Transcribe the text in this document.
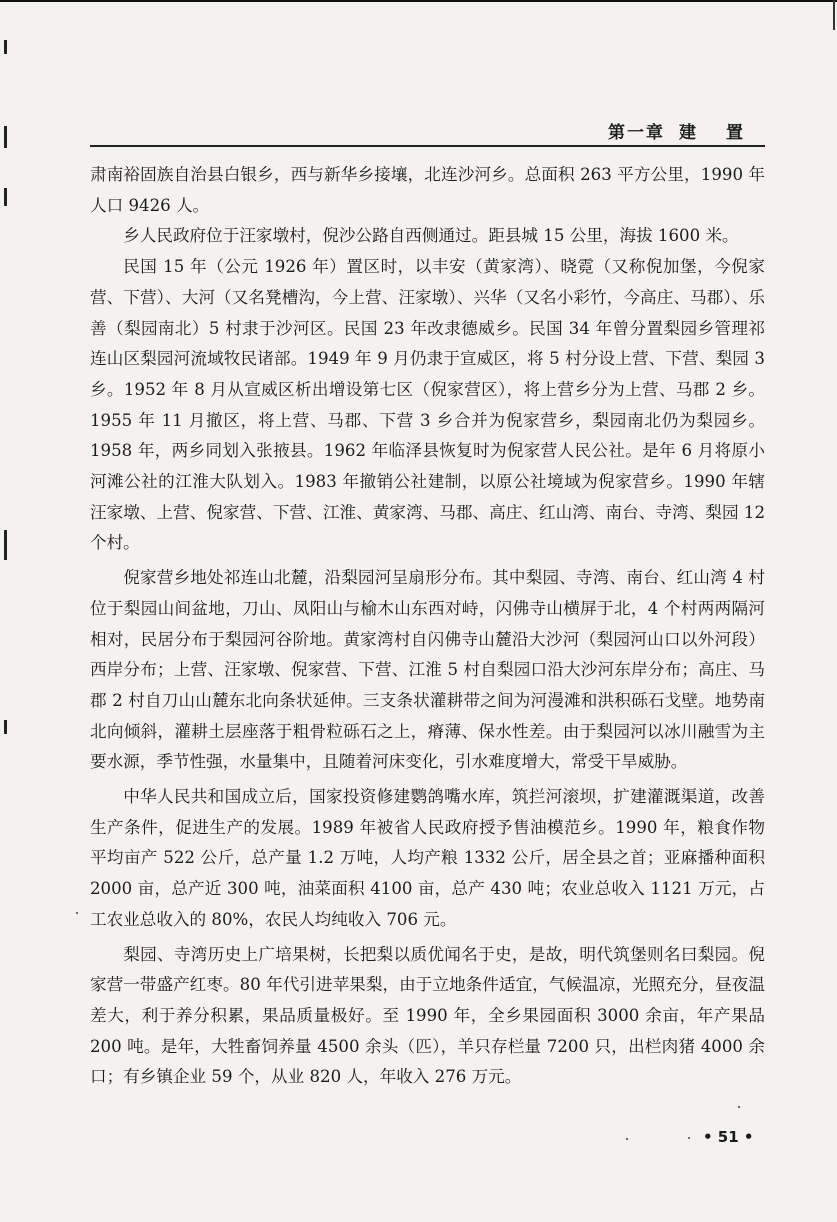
第一章 建 置

肃南裕固族自治县白银乡，西与新华乡接壤，北连沙河乡。总面积 263 平方公里，1990 年人口 9426 人。

乡人民政府位于汪家墩村，倪沙公路自西侧通过。距县城 15 公里，海拔 1600 米。

民国 15 年（公元 1926 年）置区时，以丰安（黄家湾）、晓霓（又称倪加堡，今倪家营、下营）、大河（又名凳槽沟，今上营、汪家墩）、兴华（又名小彩竹，今高庄、马郡）、乐善（梨园南北）5 村隶于沙河区。民国 23 年改隶德威乡。民国 34 年曾分置梨园乡管理祁连山区梨园河流域牧民诸部。1949 年 9 月仍隶于宣威区，将 5 村分设上营、下营、梨园 3 乡。1952 年 8 月从宣威区析出增设第七区（倪家营区），将上营乡分为上营、马郡 2 乡。1955 年 11 月撤区，将上营、马郡、下营 3 乡合并为倪家营乡，梨园南北仍为梨园乡。1958 年，两乡同划入张掖县。1962 年临泽县恢复时为倪家营人民公社。是年 6 月将原小河滩公社的江淮大队划入。1983 年撤销公社建制，以原公社境域为倪家营乡。1990 年辖汪家墩、上营、倪家营、下营、江淮、黄家湾、马郡、高庄、红山湾、南台、寺湾、梨园 12 个村。

倪家营乡地处祁连山北麓，沿梨园河呈扇形分布。其中梨园、寺湾、南台、红山湾 4 村位于梨园山间盆地，刀山、凤阳山与榆木山东西对峙，闪佛寺山横屏于北，4 个村两两隔河相对，民居分布于梨园河谷阶地。黄家湾村自闪佛寺山麓沿大沙河（梨园河山口以外河段）西岸分布；上营、汪家墩、倪家营、下营、江淮 5 村自梨园口沿大沙河东岸分布；高庄、马郡 2 村自刀山山麓东北向条状延伸。三支条状灌耕带之间为河漫滩和洪积砾石戈壁。地势南北向倾斜，灌耕土层座落于粗骨粒砾石之上，瘠薄、保水性差。由于梨园河以冰川融雪为主要水源，季节性强，水量集中，且随着河床变化，引水难度增大，常受干旱威胁。

中华人民共和国成立后，国家投资修建鹦鸽嘴水库，筑拦河滚坝，扩建灌溉渠道，改善生产条件，促进生产的发展。1989 年被省人民政府授予售油模范乡。1990 年，粮食作物平均亩产 522 公斤，总产量 1.2 万吨，人均产粮 1332 公斤，居全县之首；亚麻播种面积 2000 亩，总产近 300 吨，油菜面积 4100 亩，总产 430 吨；农业总收入 1121 万元，占工农业总收入的 80%，农民人均纯收入 706 元。

梨园、寺湾历史上广培果树，长把梨以质优闻名于史，是故，明代筑堡则名曰梨园。倪家营一带盛产红枣。80 年代引进苹果梨，由于立地条件适宜，气候温凉，光照充分，昼夜温差大，利于养分积累，果品质量极好。至 1990 年，全乡果园面积 3000 余亩，年产果品 200 吨。是年，大牲畜饲养量 4500 余头（匹），羊只存栏量 7200 只，出栏肉猪 4000 余口；有乡镇企业 59 个，从业 820 人，年收入 276 万元。

• 51 •
